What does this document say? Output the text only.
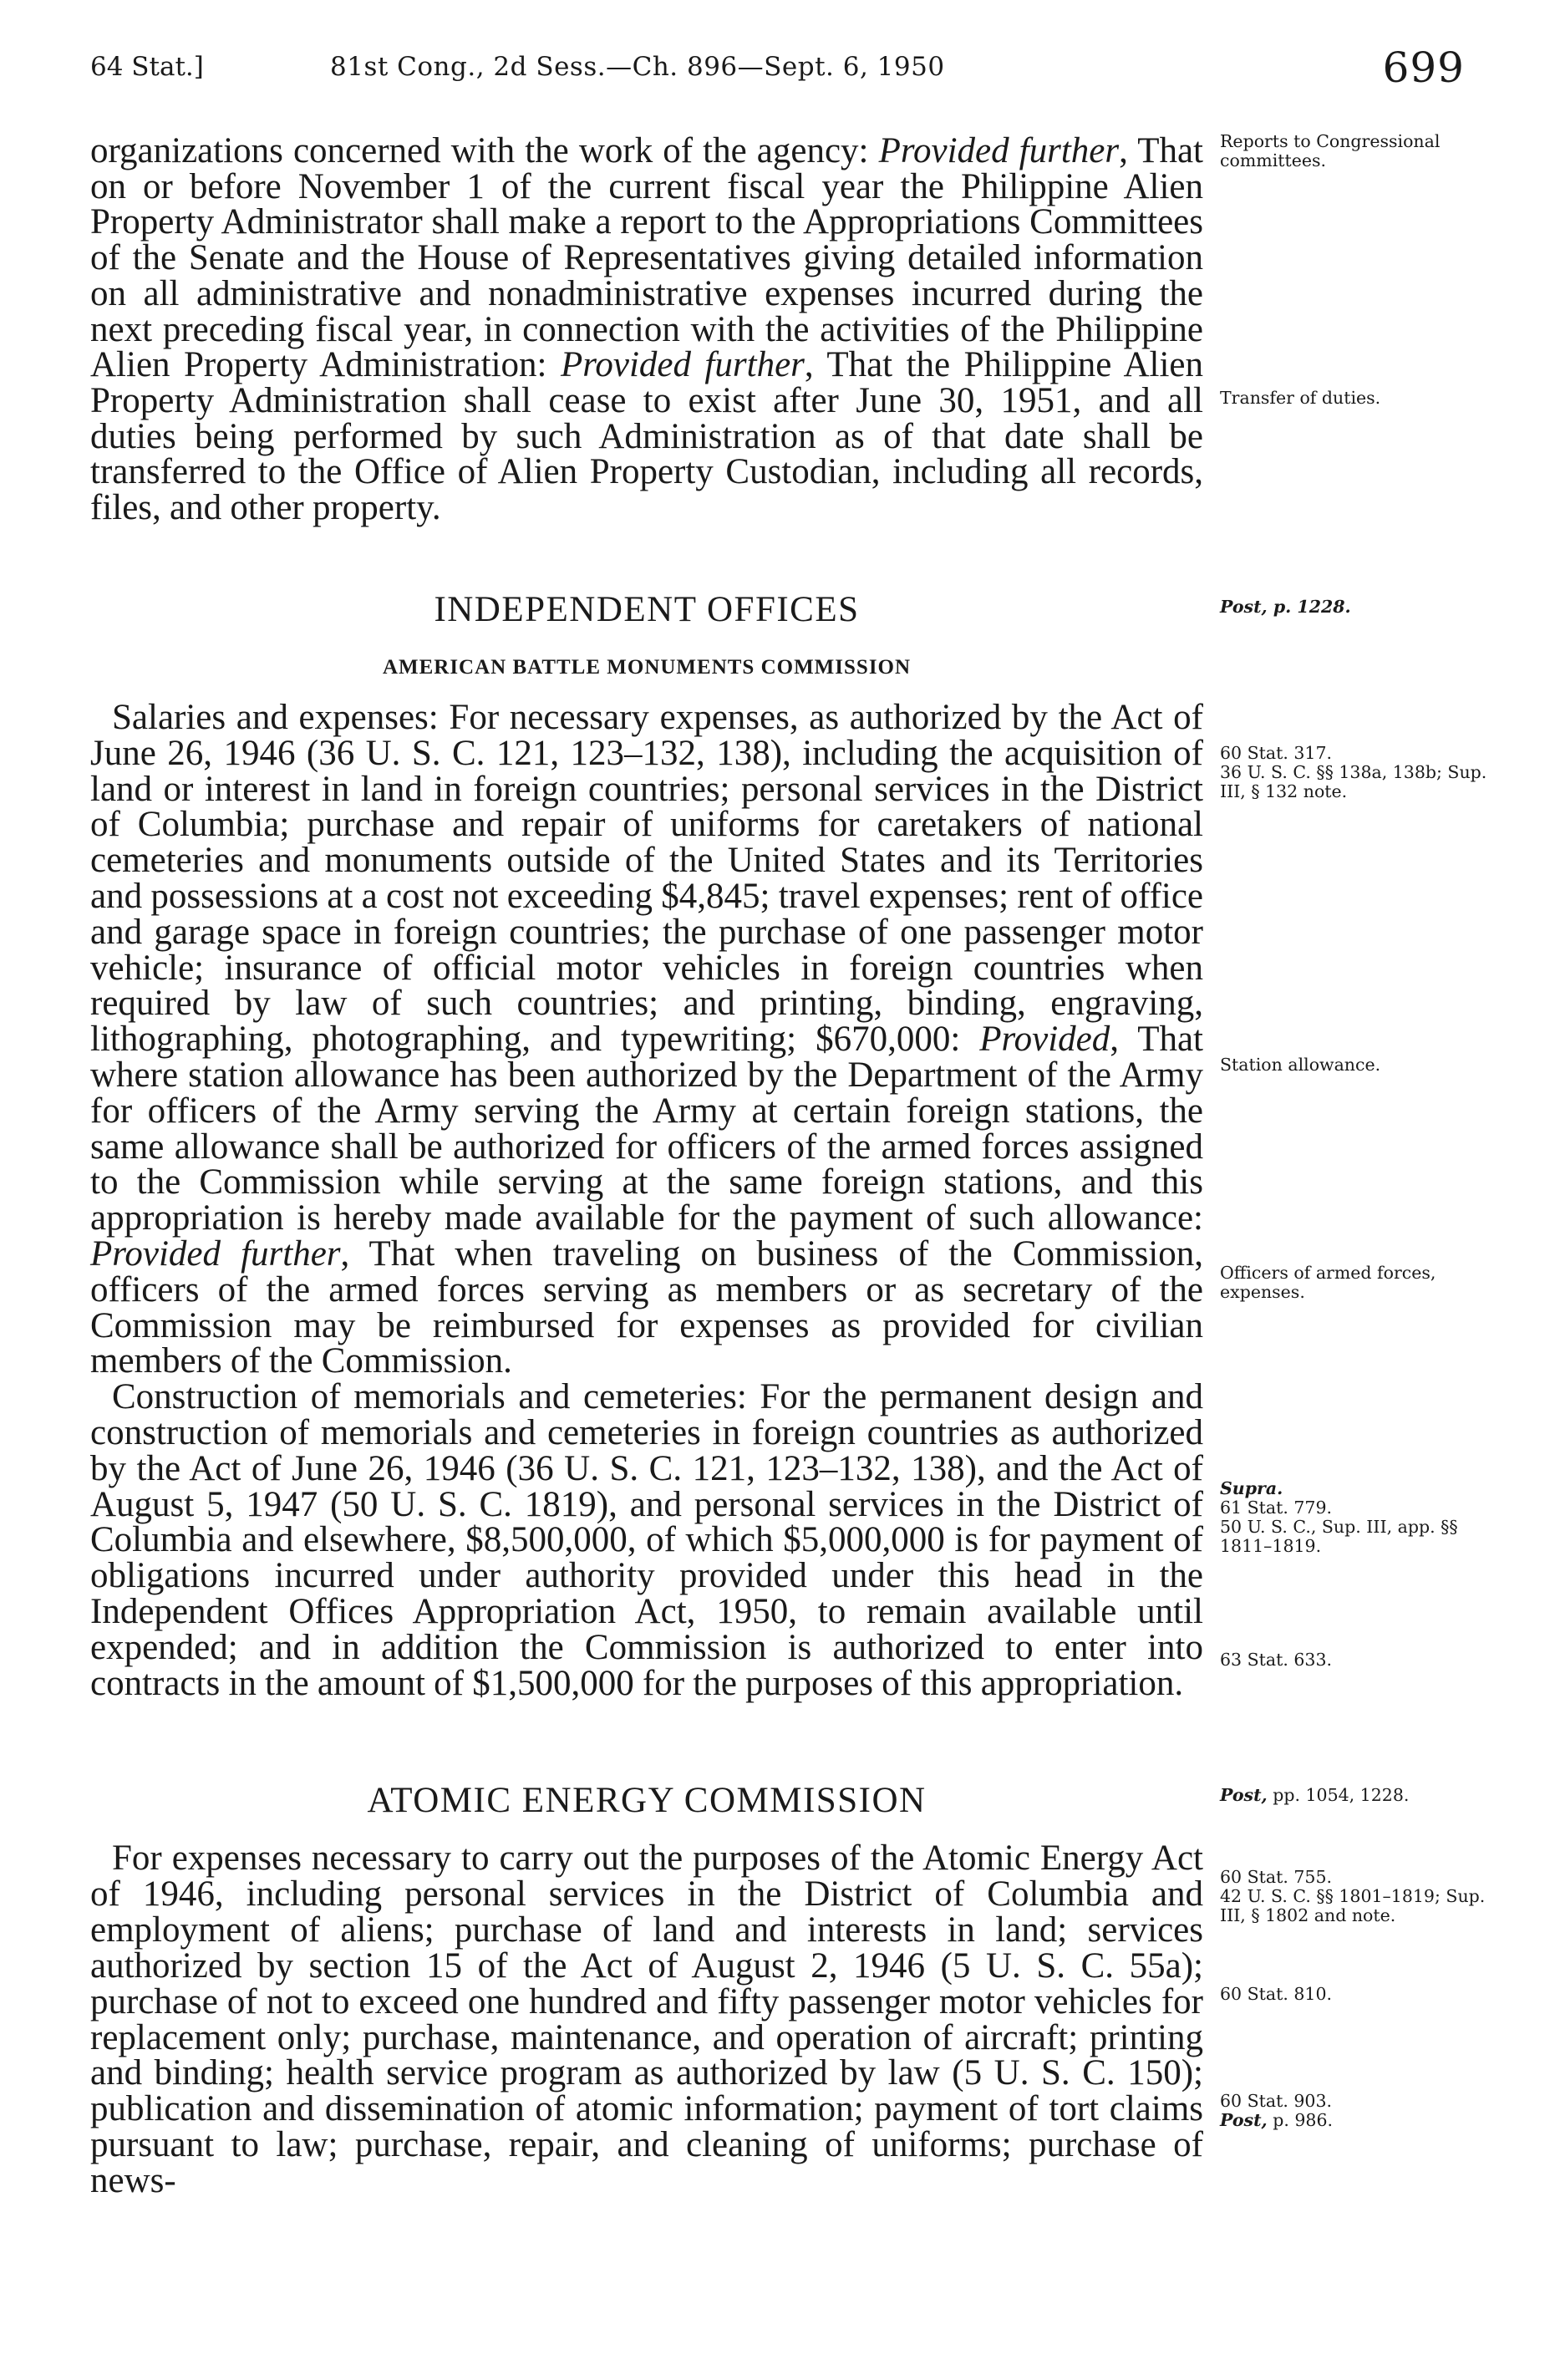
64 Stat.]	81st Cong., 2d Sess.—Ch. 896—Sept. 6, 1950	699

organizations concerned with the work of the agency: Provided further, That on or before November 1 of the current fiscal year the Philippine Alien Property Administrator shall make a report to the Appropriations Committees of the Senate and the House of Representatives giving detailed information on all administrative and nonadministrative expenses incurred during the next preceding fiscal year, in connection with the activities of the Philippine Alien Property Administration: Provided further, That the Philippine Alien Property Administration shall cease to exist after June 30, 1951, and all duties being performed by such Administration as of that date shall be transferred to the Office of Alien Property Custodian, including all records, files, and other property.

INDEPENDENT OFFICES
AMERICAN BATTLE MONUMENTS COMMISSION

Salaries and expenses: For necessary expenses, as authorized by the Act of June 26, 1946 (36 U. S. C. 121, 123–132, 138), including the acquisition of land or interest in land in foreign countries; personal services in the District of Columbia; purchase and repair of uniforms for caretakers of national cemeteries and monuments outside of the United States and its Territories and possessions at a cost not exceeding $4,845; travel expenses; rent of office and garage space in foreign countries; the purchase of one passenger motor vehicle; insurance of official motor vehicles in foreign countries when required by law of such countries; and printing, binding, engraving, lithographing, photographing, and typewriting; $670,000: Provided, That where station allowance has been authorized by the Department of the Army for officers of the Army serving the Army at certain foreign stations, the same allowance shall be authorized for officers of the armed forces assigned to the Commission while serving at the same foreign stations, and this appropriation is hereby made available for the payment of such allowance: Provided further, That when traveling on business of the Commission, officers of the armed forces serving as members or as secretary of the Commission may be reimbursed for expenses as provided for civilian members of the Commission.

Construction of memorials and cemeteries: For the permanent design and construction of memorials and cemeteries in foreign countries as authorized by the Act of June 26, 1946 (36 U. S. C. 121, 123–132, 138), and the Act of August 5, 1947 (50 U. S. C. 1819), and personal services in the District of Columbia and elsewhere, $8,500,000, of which $5,000,000 is for payment of obligations incurred under authority provided under this head in the Independent Offices Appropriation Act, 1950, to remain available until expended; and in addition the Commission is authorized to enter into contracts in the amount of $1,500,000 for the purposes of this appropriation.

ATOMIC ENERGY COMMISSION

For expenses necessary to carry out the purposes of the Atomic Energy Act of 1946, including personal services in the District of Columbia and employment of aliens; purchase of land and interests in land; services authorized by section 15 of the Act of August 2, 1946 (5 U. S. C. 55a); purchase of not to exceed one hundred and fifty passenger motor vehicles for replacement only; purchase, maintenance, and operation of aircraft; printing and binding; health service program as authorized by law (5 U. S. C. 150); publication and dissemination of atomic information; payment of tort claims pursuant to law; purchase, repair, and cleaning of uniforms; purchase of news-

Reports to Congressional committees.
Transfer of duties.
Post, p. 1228.
60 Stat. 317.
36 U. S. C. §§ 138a, 138b; Sup. III, § 132 note.
Station allowance.
Officers of armed forces, expenses.
Supra.
61 Stat. 779.
50 U. S. C., Sup. III, app. §§ 1811–1819.
63 Stat. 633.
Post, pp. 1054, 1228.
60 Stat. 755.
42 U. S. C. §§ 1801–1819; Sup. III, § 1802 and note.
60 Stat. 810.
60 Stat. 903.
Post, p. 986.
